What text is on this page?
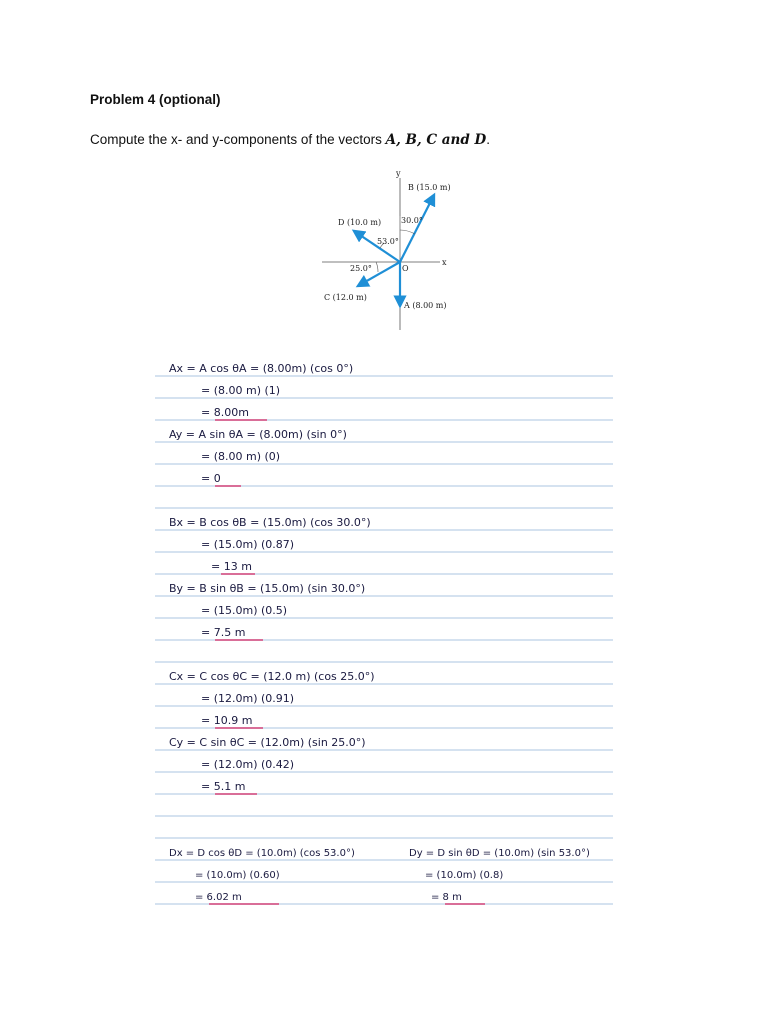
Problem 4 (optional)
Compute the x- and y-components of the vectors A, B, C and D.
x
y
O
B (15.0 m)
D (10.0 m)
C (12.0 m)
A (8.00 m)
30.0°
53.0°
25.0°
Ax = A cos θA = (8.00m) (cos 0°)
= (8.00 m) (1)
= 8.00m
Ay = A sin θA = (8.00m) (sin 0°)
= (8.00 m) (0)
= 0
Bx = B cos θB = (15.0m) (cos 30.0°)
= (15.0m) (0.87)
= 13 m
By = B sin θB = (15.0m) (sin 30.0°)
= (15.0m) (0.5)
= 7.5 m
Cx = C cos θC = (12.0 m) (cos 25.0°)
= (12.0m) (0.91)
= 10.9 m
Cy = C sin θC = (12.0m) (sin 25.0°)
= (12.0m) (0.42)
= 5.1 m
Dx = D cos θD = (10.0m) (cos 53.0°)
= (10.0m) (0.60)
= 6.02 m
Dy = D sin θD = (10.0m) (sin 53.0°)
= (10.0m) (0.8)
= 8 m
